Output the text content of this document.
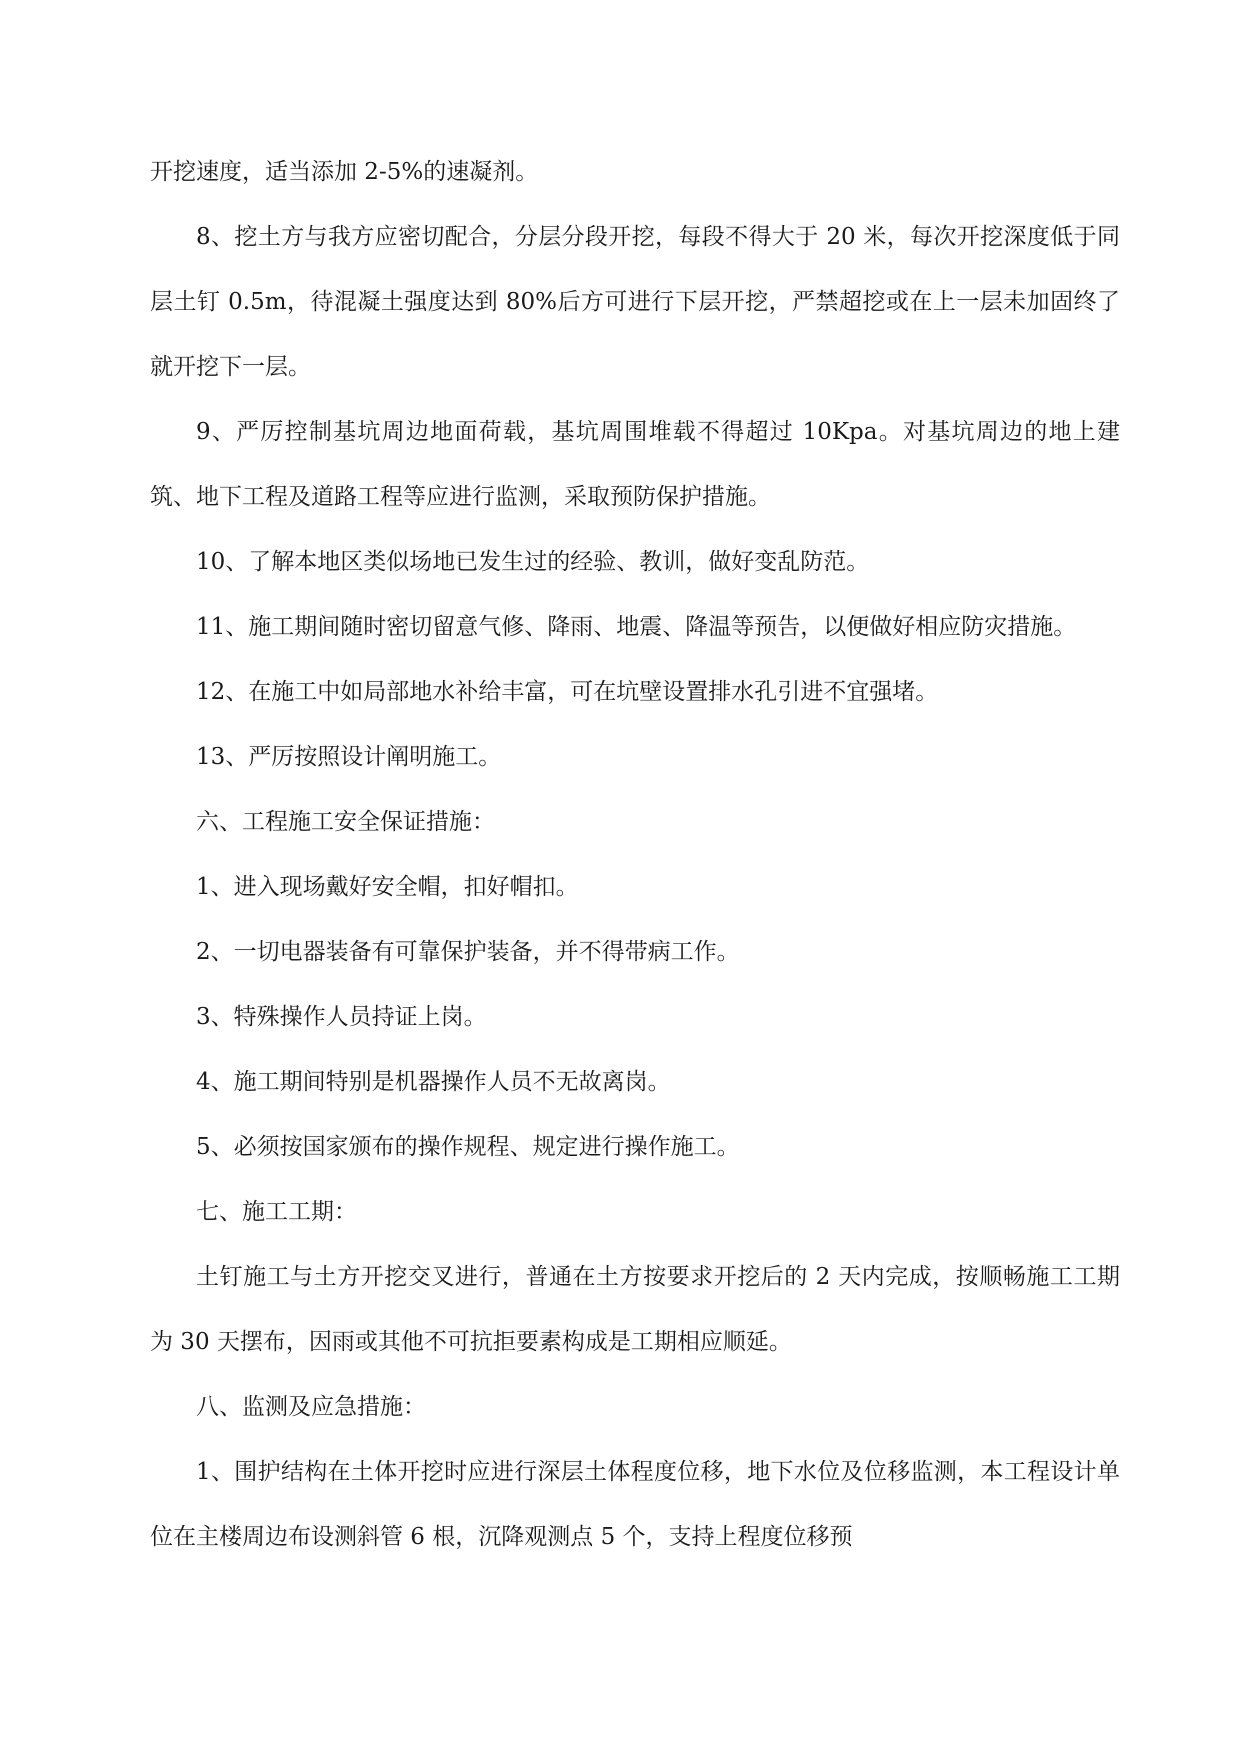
开挖速度，适当添加 2-5%的速凝剂。

8、挖土方与我方应密切配合，分层分段开挖，每段不得大于 20 米，每次开挖深度低于同层土钉 0.5m，待混凝土强度达到 80%后方可进行下层开挖，严禁超挖或在上一层未加固终了就开挖下一层。

9、严厉控制基坑周边地面荷载，基坑周围堆载不得超过 10Kpa。对基坑周边的地上建筑、地下工程及道路工程等应进行监测，采取预防保护措施。

10、了解本地区类似场地已发生过的经验、教训，做好变乱防范。

11、施工期间随时密切留意气修、降雨、地震、降温等预告，以便做好相应防灾措施。

12、在施工中如局部地水补给丰富，可在坑壁设置排水孔引进不宜强堵。

13、严厉按照设计阐明施工。

六、工程施工安全保证措施：

1、进入现场戴好安全帽，扣好帽扣。

2、一切电器装备有可靠保护装备，并不得带病工作。

3、特殊操作人员持证上岗。

4、施工期间特别是机器操作人员不无故离岗。

5、必须按国家颁布的操作规程、规定进行操作施工。

七、施工工期：

土钉施工与土方开挖交叉进行，普通在土方按要求开挖后的 2 天内完成，按顺畅施工工期为 30 天摆布，因雨或其他不可抗拒要素构成是工期相应顺延。

八、监测及应急措施：

1、围护结构在土体开挖时应进行深层土体程度位移，地下水位及位移监测，本工程设计单位在主楼周边布设测斜管 6 根，沉降观测点 5 个，支持上程度位移预
